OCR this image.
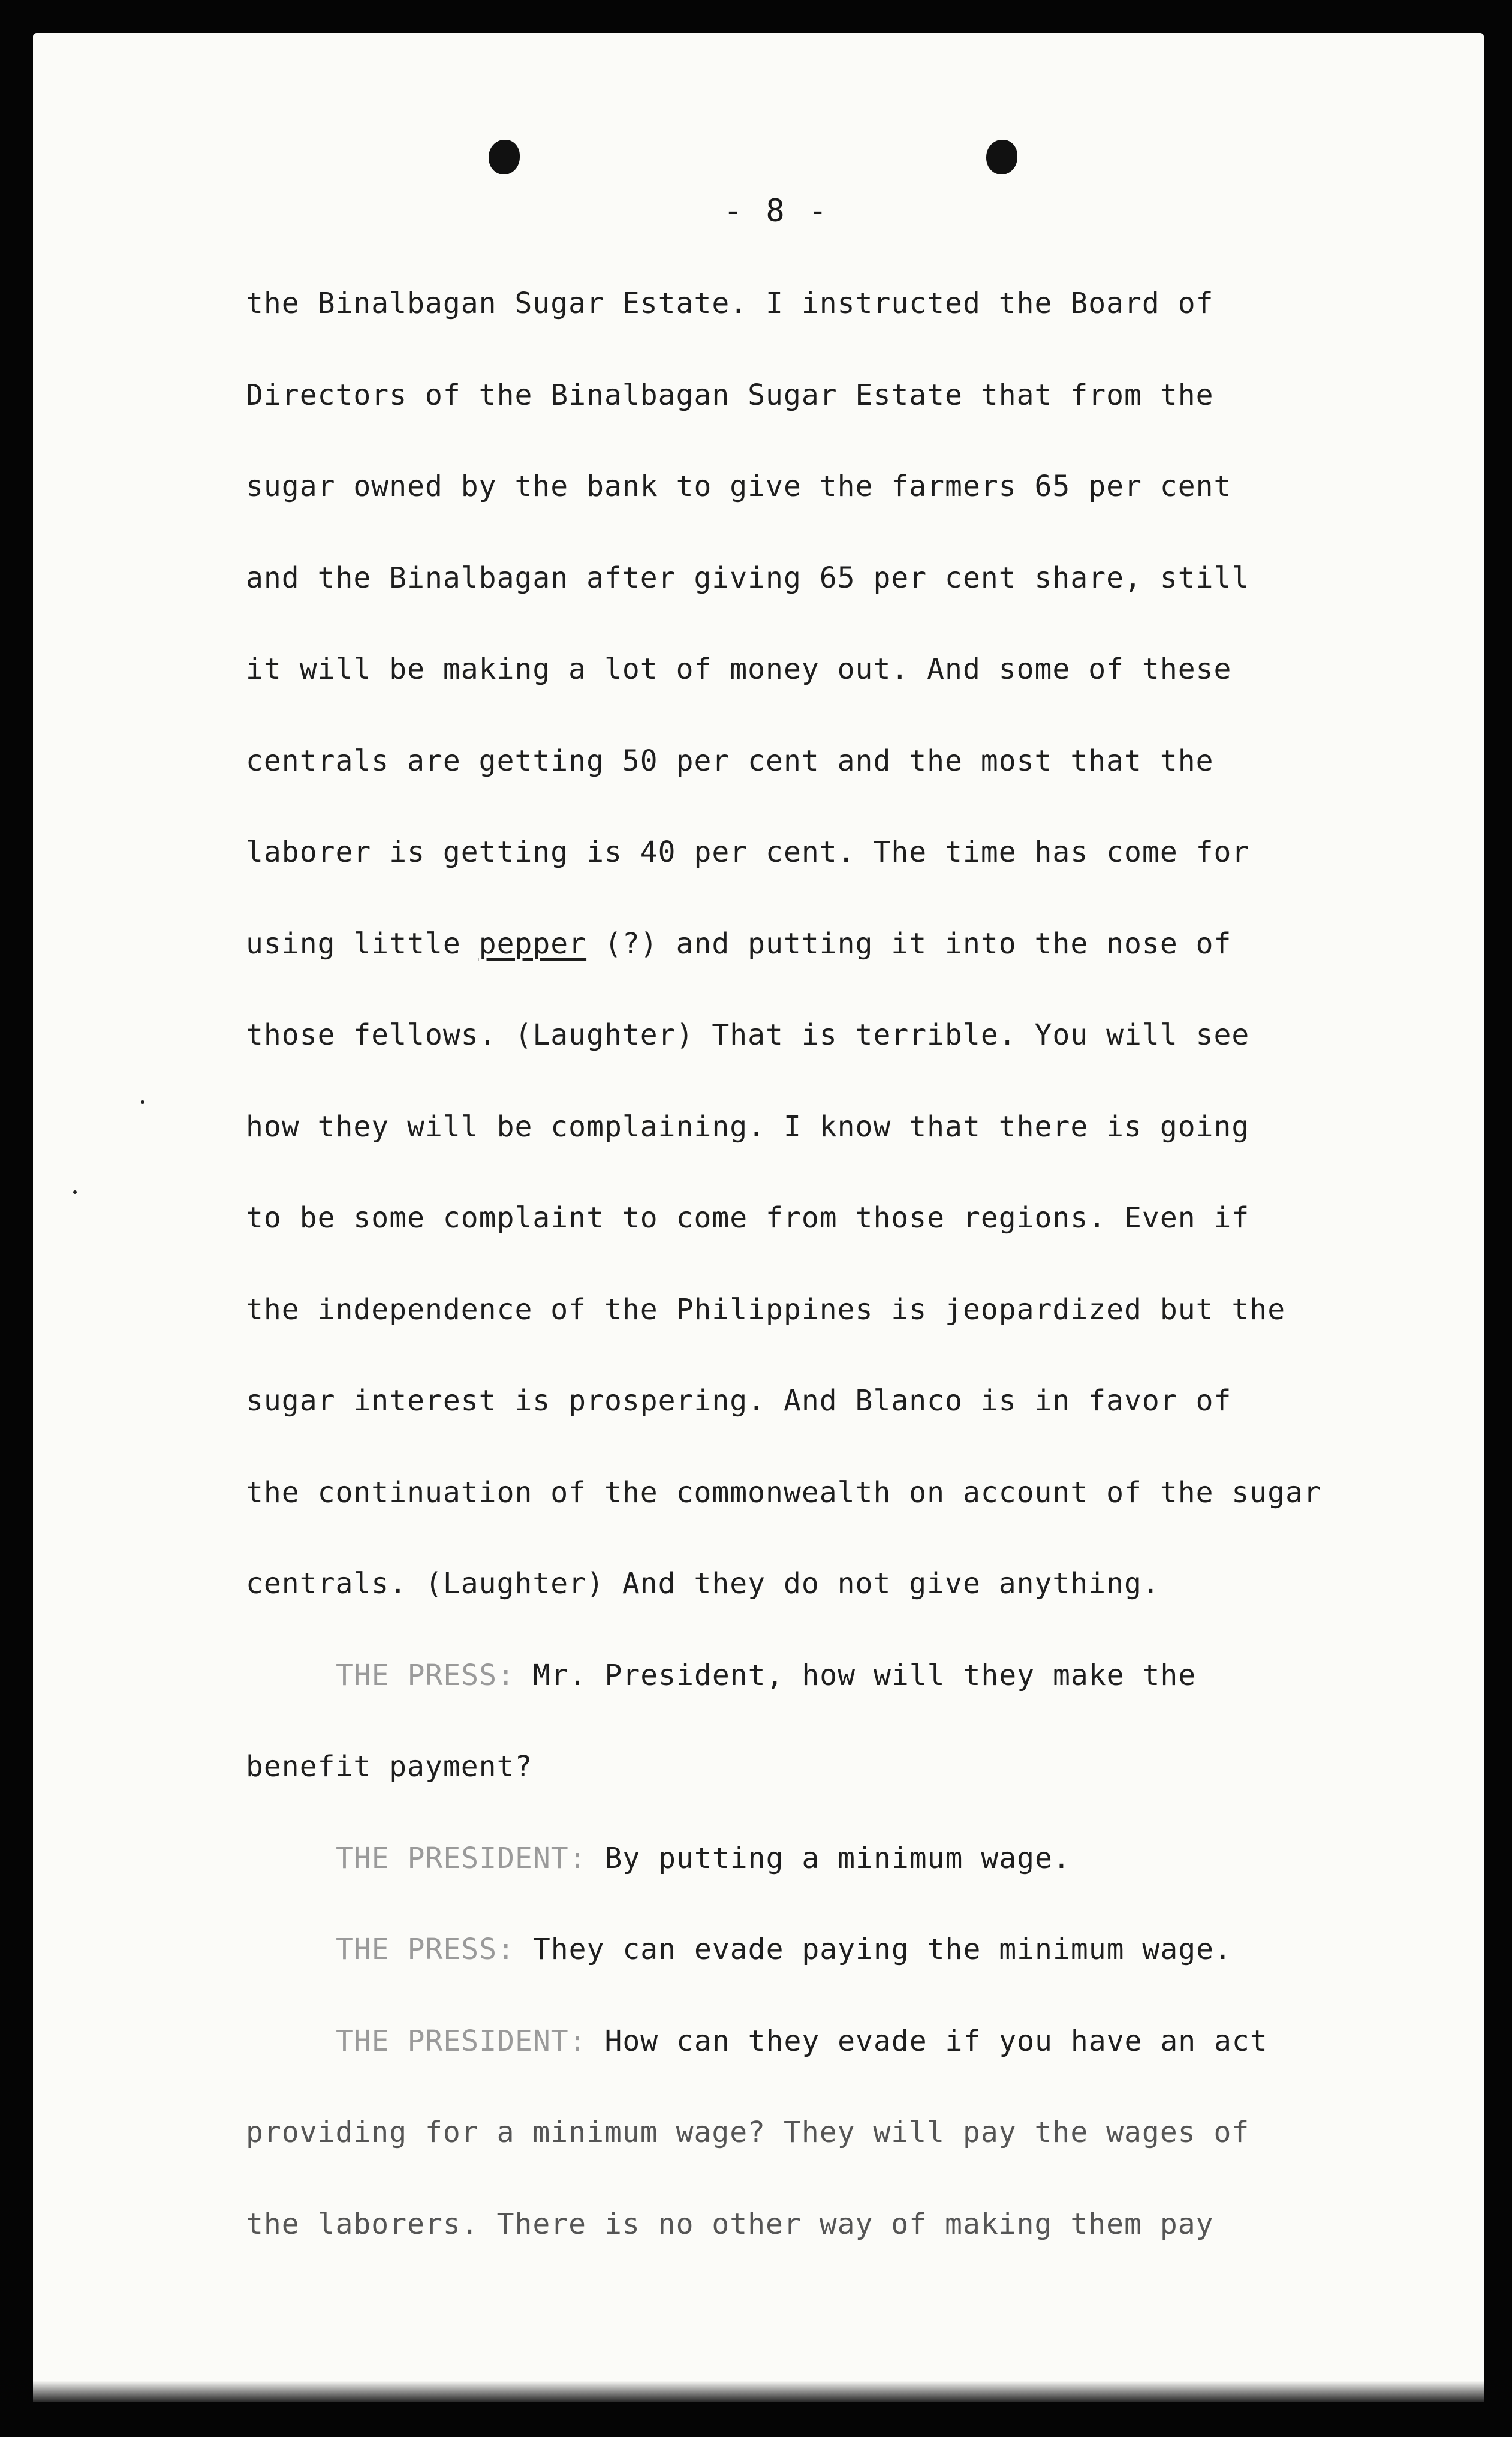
- 8 -
the Binalbagan Sugar Estate. I instructed the Board of
Directors of the Binalbagan Sugar Estate that from the
sugar owned by the bank to give the farmers 65 per cent
and the Binalbagan after giving 65 per cent share, still
it will be making a lot of money out. And some of these
centrals are getting 50 per cent and the most that the
laborer is getting is 40 per cent. The time has come for
using little pepper (?) and putting it into the nose of
those fellows. (Laughter) That is terrible. You will see
how they will be complaining. I know that there is going
to be some complaint to come from those regions. Even if
the independence of the Philippines is jeopardized but the
sugar interest is prospering. And Blanco is in favor of
the continuation of the commonwealth on account of the sugar
centrals. (Laughter) And they do not give anything.
THE PRESS: Mr. President, how will they make the
benefit payment?
THE PRESIDENT: By putting a minimum wage.
THE PRESS: They can evade paying the minimum wage.
THE PRESIDENT: How can they evade if you have an act
providing for a minimum wage? They will pay the wages of
the laborers. There is no other way of making them pay
